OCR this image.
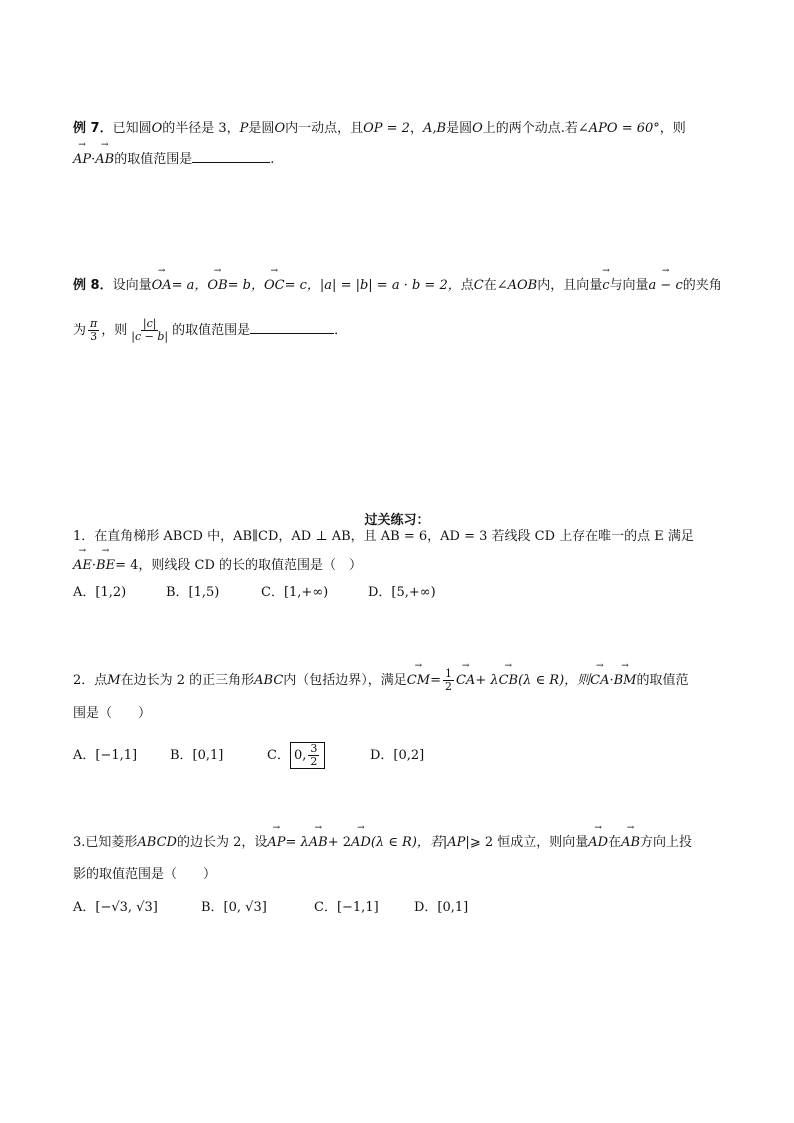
例 7．已知圆O的半径是 3，P是圆O内一动点，且OP = 2，A,B是圆O上的两个动点.若∠APO = 60°，则
→ AP·→ AB的取值范围是	.
例 8．设向量→ OA= a，→ OB= b，→ OC= c，|a| = |b| = a · b = 2，点C在∠AOB内，且向量→ c与向量→ a − c的夹角
为 $\frac{\pi}{3}$ ，则 $\frac{|c|}{|c - b|}$ 的取值范围是	．
过关练习：
1．在直角梯形 ABCD 中，AB∥CD，AD ⊥ AB，且 AB = 6，AD = 3 若线段 CD 上存在唯一的点 E 满足
→ AE·→ BE= 4，则线段 CD 的长的取值范围是（　）
A．[1,2)	B．[1,5)	C．[1,+∞)	D．[5,+∞)
2．点M在边长为 2 的正三角形ABC内（包括边界），满足→ $CM= \frac{1}{2}$
→ CA+ λ→ CB(λ ∈ R)，则→ CA·→ BM的取值范
围是（　　）
A．[−1,1]	B．[0,1]	C． 0, $\frac{3}{2}$	D．[0,2]
3.已知菱形ABCD的边长为 2，设→ AP= λ→ AB+ 2→ AD(λ ∈ R)，若|AP|⩾ 2 恒成立，则向量→ AD在→ AB方向上投
影的取值范围是（　　）
A．[−√3, √3]	B．[0, √3]	C．[−1,1]	D．[0,1]
